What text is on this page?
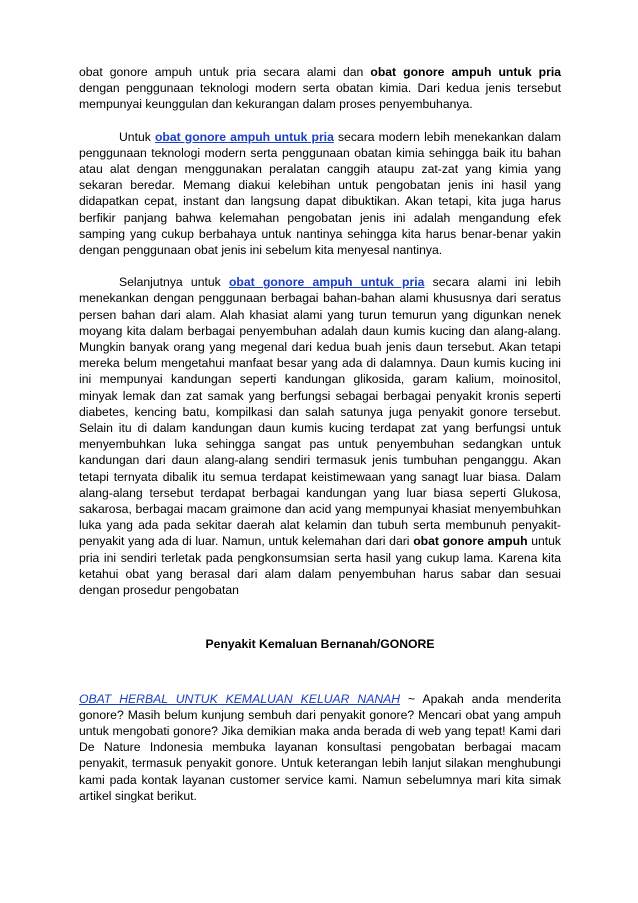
obat gonore ampuh untuk pria secara alami dan obat gonore ampuh untuk pria dengan penggunaan teknologi modern serta obatan kimia. Dari kedua jenis tersebut mempunyai keunggulan dan kekurangan dalam proses penyembuhanya.

Untuk obat gonore ampuh untuk pria secara modern lebih menekankan dalam penggunaan teknologi modern serta penggunaan obatan kimia sehingga baik itu bahan atau alat dengan menggunakan peralatan canggih ataupu zat-zat yang kimia yang sekaran beredar. Memang diakui kelebihan untuk pengobatan jenis ini hasil yang didapatkan cepat, instant dan langsung dapat dibuktikan. Akan tetapi, kita juga harus berfikir panjang bahwa kelemahan pengobatan jenis ini adalah mengandung efek samping yang cukup berbahaya untuk nantinya sehingga kita harus benar-benar yakin dengan penggunaan obat jenis ini sebelum kita menyesal nantinya.

Selanjutnya untuk obat gonore ampuh untuk pria secara alami ini lebih menekankan dengan penggunaan berbagai bahan-bahan alami khususnya dari seratus persen bahan dari alam. Alah khasiat alami yang turun temurun yang digunkan nenek moyang kita dalam berbagai penyembuhan adalah daun kumis kucing dan alang-alang. Mungkin banyak orang yang megenal dari kedua buah jenis daun tersebut. Akan tetapi mereka belum mengetahui manfaat besar yang ada di dalamnya. Daun kumis kucing ini ini mempunyai kandungan seperti kandungan glikosida, garam kalium, moinositol, minyak lemak dan zat samak yang berfungsi sebagai berbagai penyakit kronis seperti diabetes, kencing batu, kompilkasi dan salah satunya juga penyakit gonore tersebut. Selain itu di dalam kandungan daun kumis kucing terdapat zat yang berfungsi untuk menyembuhkan luka sehingga sangat pas untuk penyembuhan sedangkan untuk kandungan dari daun alang-alang sendiri termasuk jenis tumbuhan penganggu. Akan tetapi ternyata dibalik itu semua terdapat keistimewaan yang sanagt luar biasa. Dalam alang-alang tersebut terdapat berbagai kandungan yang luar biasa seperti Glukosa, sakarosa, berbagai macam graimone dan acid yang mempunyai khasiat menyembuhkan luka yang ada pada sekitar daerah alat kelamin dan tubuh serta membunuh penyakit-penyakit yang ada di luar. Namun, untuk kelemahan dari dari obat gonore ampuh untuk pria ini sendiri terletak pada pengkonsumsian serta hasil yang cukup lama. Karena kita ketahui obat yang berasal dari alam dalam penyembuhan harus sabar dan sesuai dengan prosedur pengobatan

Penyakit Kemaluan Bernanah/GONORE

OBAT HERBAL UNTUK KEMALUAN KELUAR NANAH ~ Apakah anda menderita gonore? Masih belum kunjung sembuh dari penyakit gonore? Mencari obat yang ampuh untuk mengobati gonore? Jika demikian maka anda berada di web yang tepat! Kami dari De Nature Indonesia membuka layanan konsultasi pengobatan berbagai macam penyakit, termasuk penyakit gonore. Untuk keterangan lebih lanjut silakan menghubungi kami pada kontak layanan customer service kami. Namun sebelumnya mari kita simak artikel singkat berikut.
